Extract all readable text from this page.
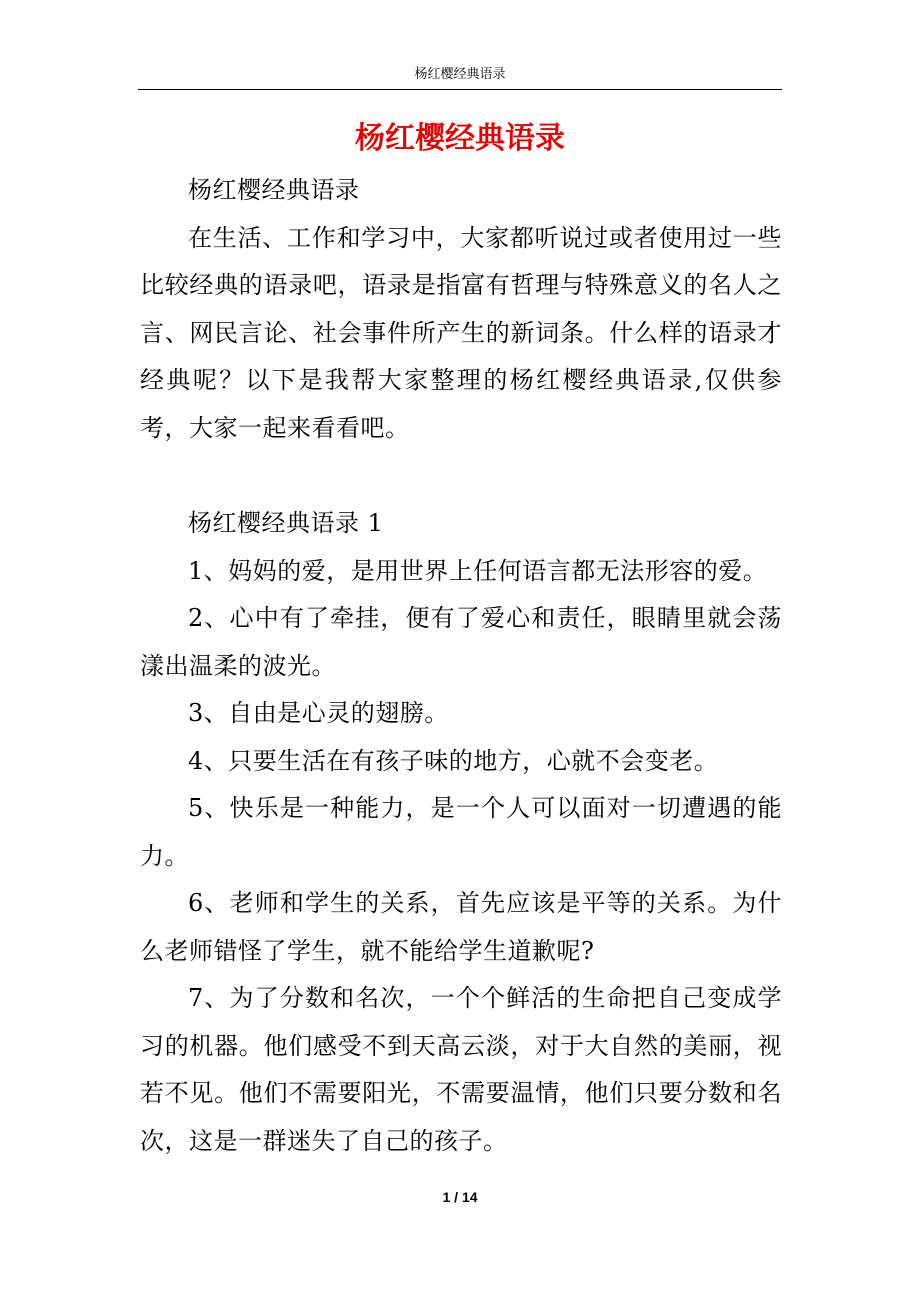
杨红樱经典语录
杨红樱经典语录

杨红樱经典语录

在生活、工作和学习中，大家都听说过或者使用过一些比较经典的语录吧，语录是指富有哲理与特殊意义的名人之言、网民言论、社会事件所产生的新词条。什么样的语录才经典呢？以下是我帮大家整理的杨红樱经典语录,仅供参考，大家一起来看看吧。

杨红樱经典语录 1

1、妈妈的爱，是用世界上任何语言都无法形容的爱。

2、心中有了牵挂，便有了爱心和责任，眼睛里就会荡漾出温柔的波光。

3、自由是心灵的翅膀。

4、只要生活在有孩子味的地方，心就不会变老。

5、快乐是一种能力，是一个人可以面对一切遭遇的能力。

6、老师和学生的关系，首先应该是平等的关系。为什么老师错怪了学生，就不能给学生道歉呢?

7、为了分数和名次，一个个鲜活的生命把自己变成学习的机器。他们感受不到天高云淡，对于大自然的美丽，视若不见。他们不需要阳光，不需要温情，他们只要分数和名次，这是一群迷失了自己的孩子。

1 / 14
